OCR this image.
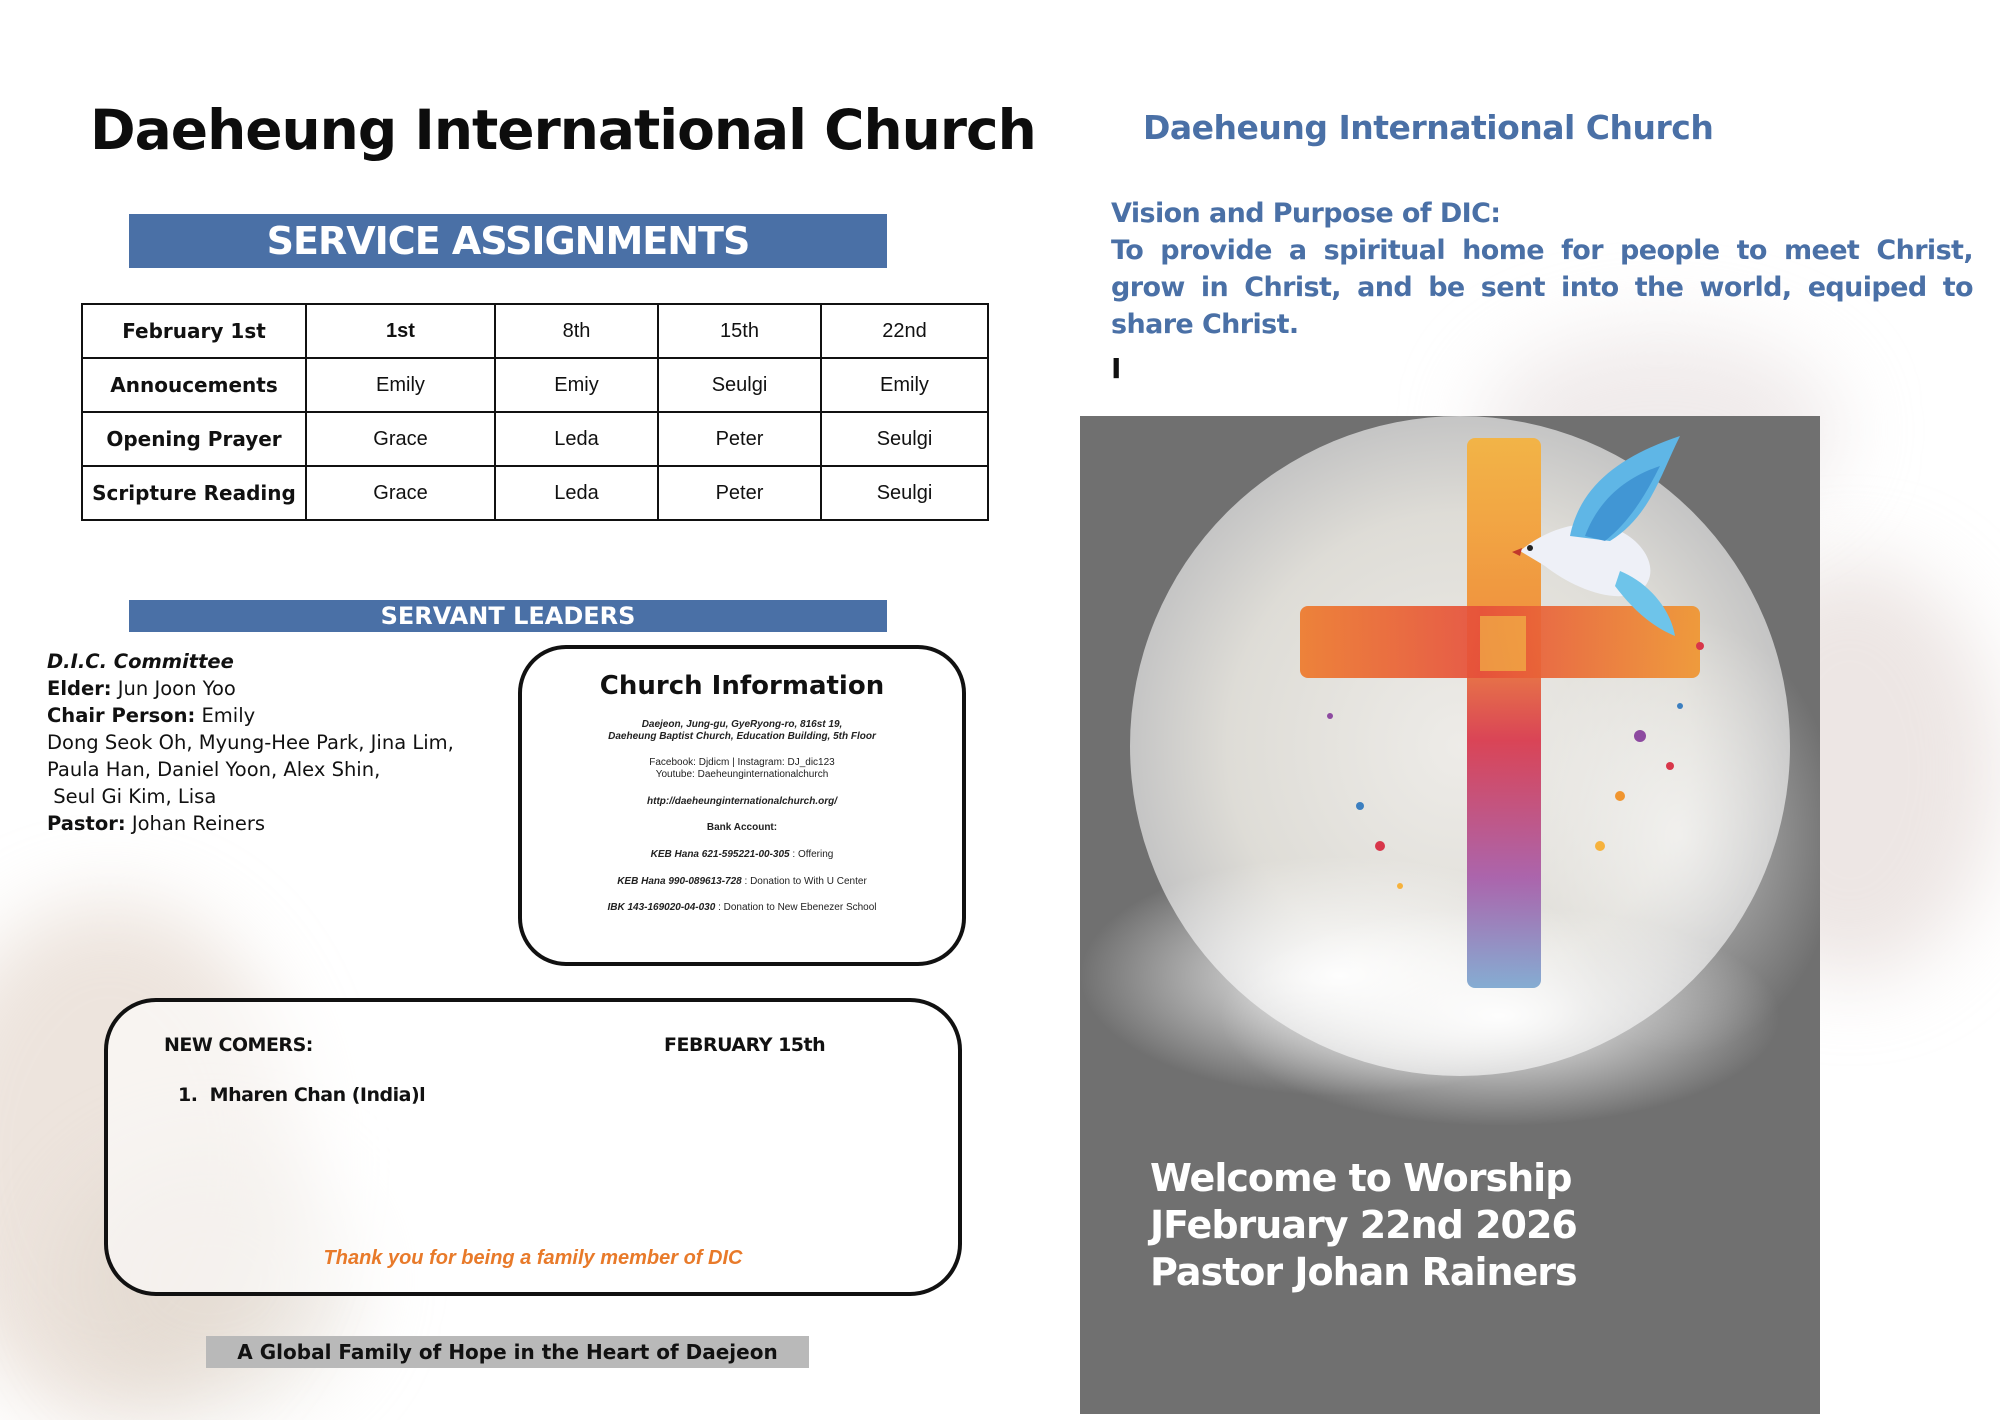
Daeheung International Church
SERVICE ASSIGNMENTS
February 1st	1st	8th	15th	22nd
Annoucements	Emily	Emiy	Seulgi	Emily
Opening Prayer	Grace	Leda	Peter	Seulgi
Scripture Reading	Grace	Leda	Peter	Seulgi
SERVANT LEADERS
D.I.C. Committee
Elder: Jun Joon Yoo
Chair Person: Emily
Dong Seok Oh, Myung-Hee Park, Jina Lim,
Paula Han, Daniel Yoon, Alex Shin,
Seul Gi Kim, Lisa
Pastor: Johan Reiners
Church Information
Daejeon, Jung-gu, GyeRyong-ro, 816st 19,
Daeheung Baptist Church, Education Building, 5th Floor
Facebook: Djdicm | Instagram: DJ_dic123
Youtube: Daeheunginternationalchurch
http://daeheunginternationalchurch.org/
Bank Account:
KEB Hana 621-595221-00-305 : Offering
KEB Hana 990-089613-728 : Donation to With U Center
IBK 143-169020-04-030 : Donation to New Ebenezer School
NEW COMERS:	FEBRUARY 15th
1.  Mharen Chan (India)l
Thank you for being a family member of DIC
A Global Family of Hope in the Heart of Daejeon
Daeheung International Church
Vision and Purpose of DIC:
To provide a spiritual home for people to meet Christ, grow in Christ, and be sent into the world, equiped to share Christ.
I
Welcome to Worship
JFebruary 22nd 2026
Pastor Johan Rainers
